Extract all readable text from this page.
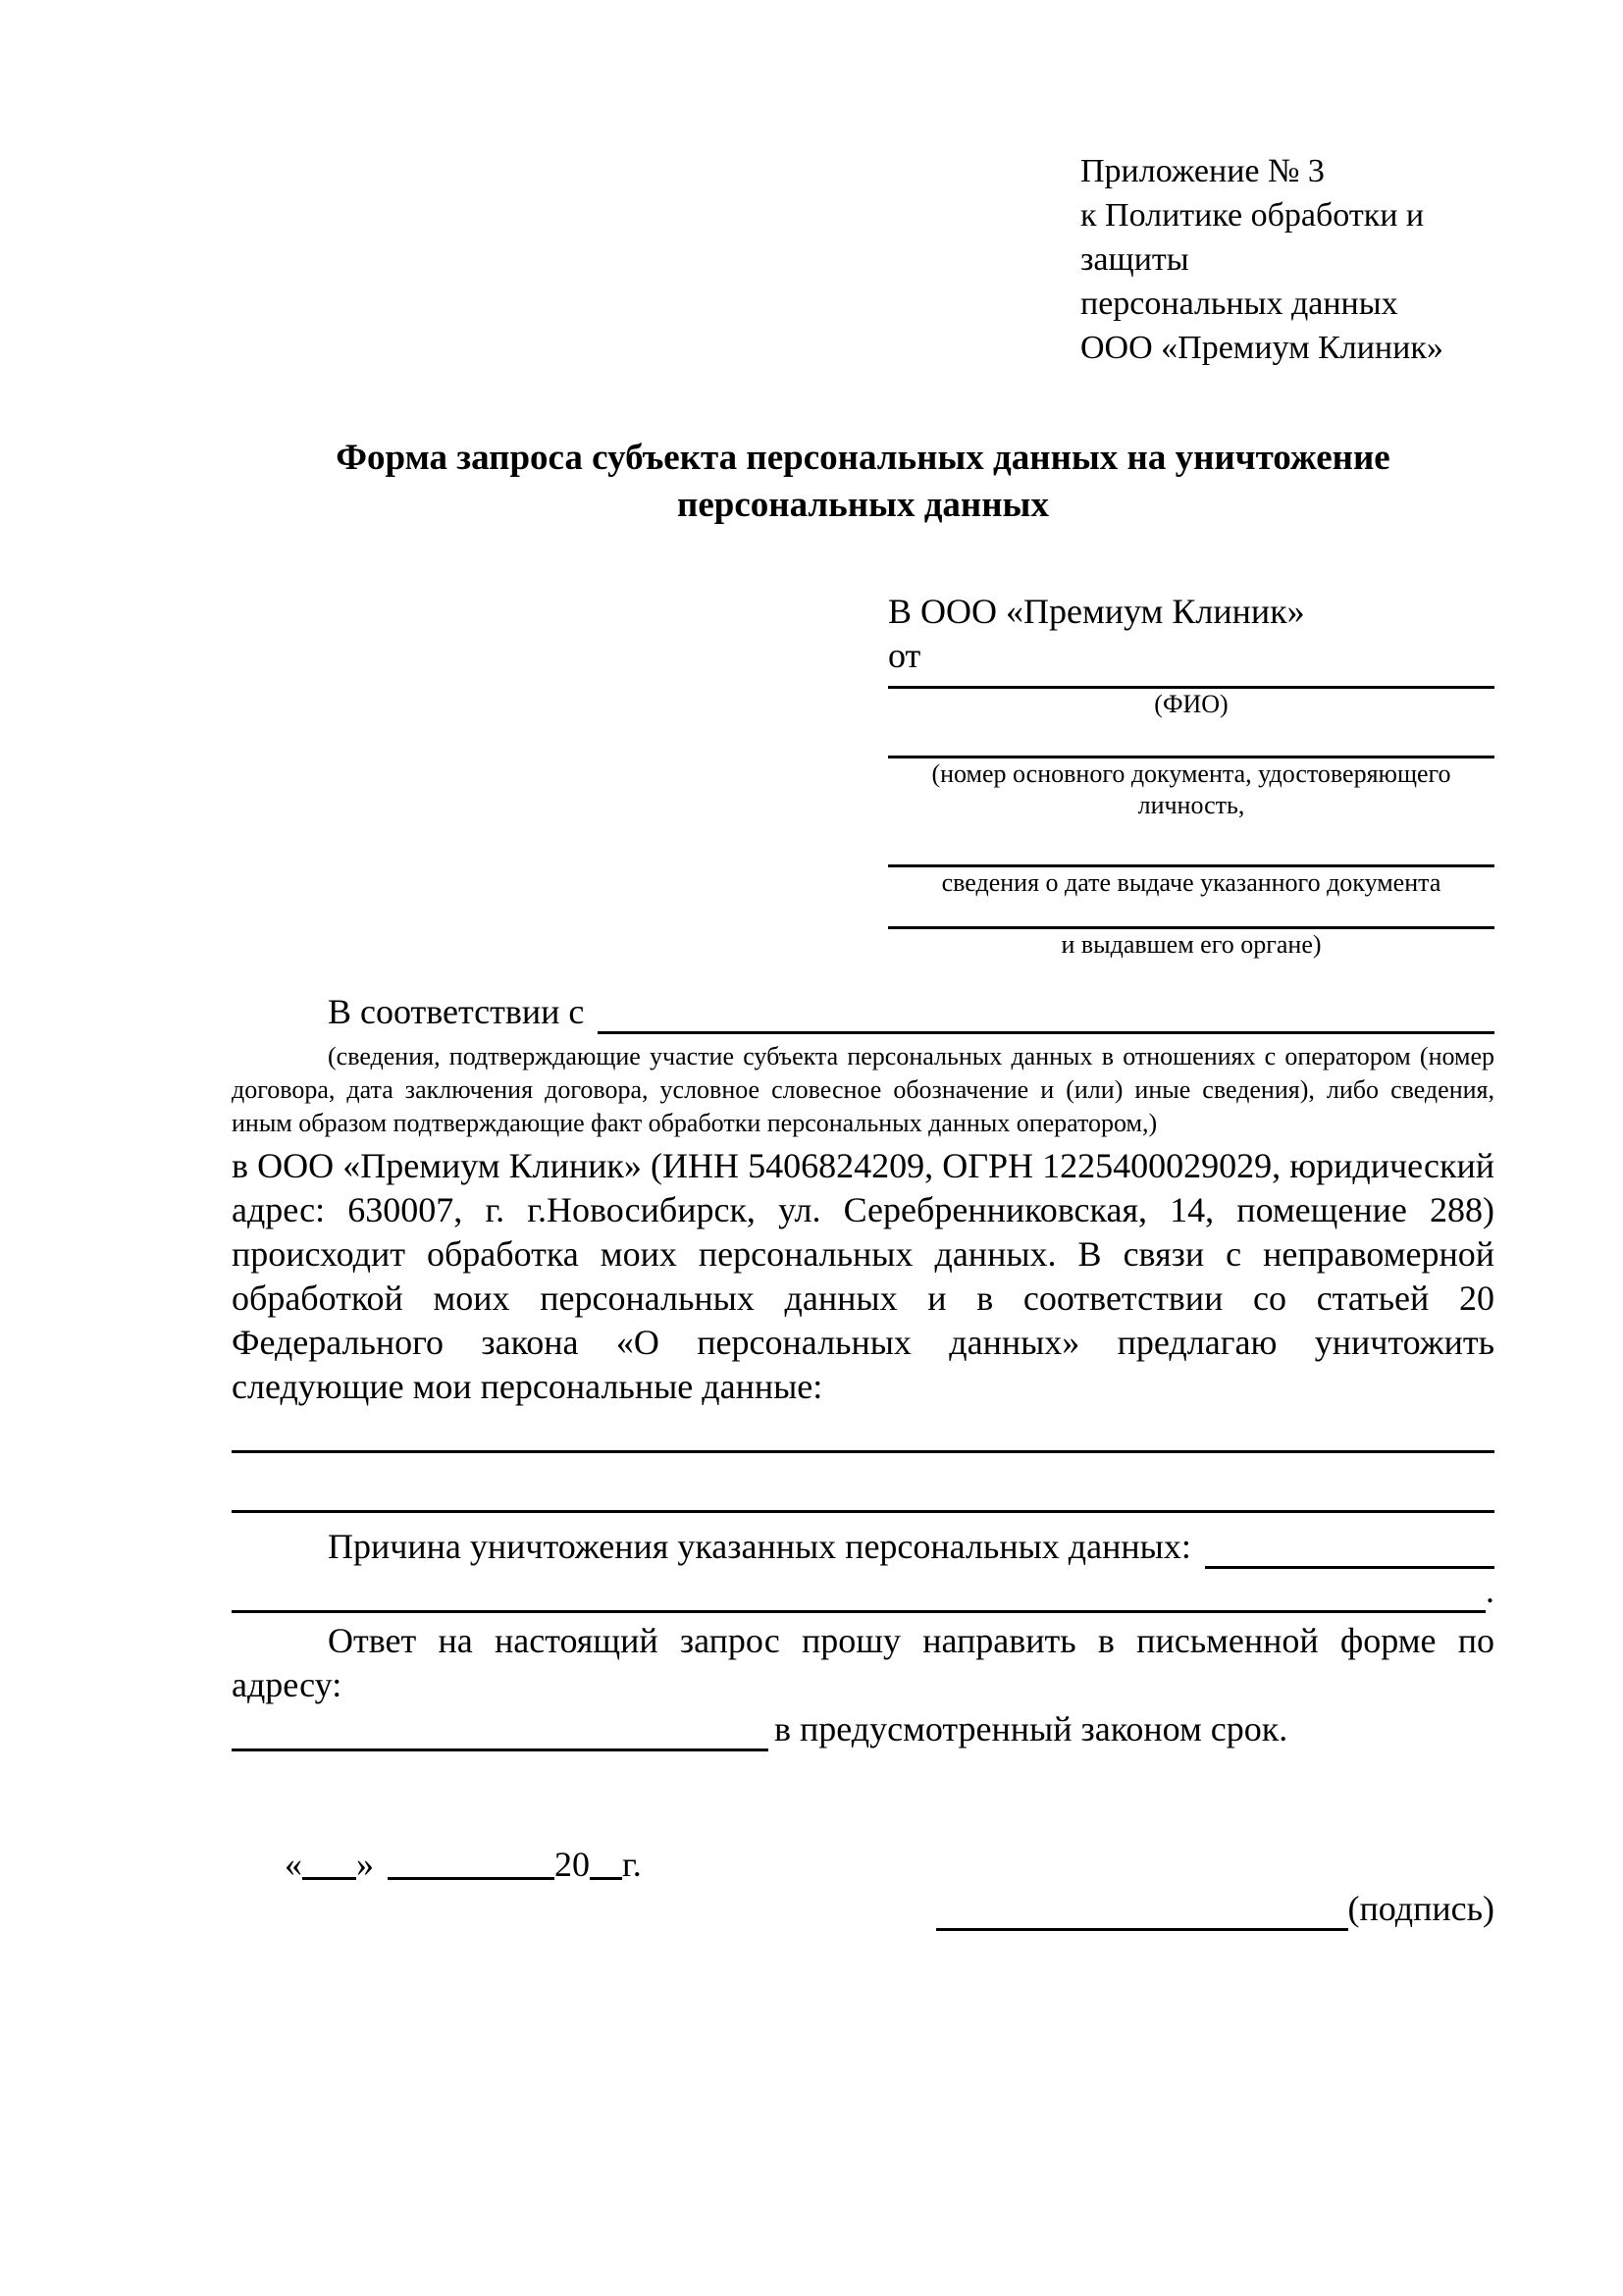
Приложение № 3
к Политике обработки и защиты
персональных данных
ООО «Премиум Клиник»
Форма запроса субъекта персональных данных на уничтожение персональных данных
В ООО «Премиум Клиник»
от
(ФИО)
(номер основного документа, удостоверяющего личность,
сведения о дате выдаче указанного документа
и выдавшем его органе)
В соответствии с

(сведения, подтверждающие участие субъекта персональных данных в отношениях с оператором (номер договора, дата заключения договора, условное словесное обозначение и (или) иные сведения), либо сведения, иным образом подтверждающие факт обработки персональных данных оператором,)

в ООО «Премиум Клиник» (ИНН 5406824209, ОГРН 1225400029029, юридический адрес: 630007, г. г.Новосибирск, ул. Серебренниковская, 14, помещение 288) происходит обработка моих персональных данных. В связи с неправомерной обработкой моих персональных данных и в соответствии со статьей 20 Федерального закона «О персональных данных» предлагаю уничтожить следующие мои персональные данные:

Причина уничтожения указанных персональных данных:
.

Ответ на настоящий запрос прошу направить в письменной форме по адресу:

в предусмотренный законом срок.

« »	20 г.

(подпись)
